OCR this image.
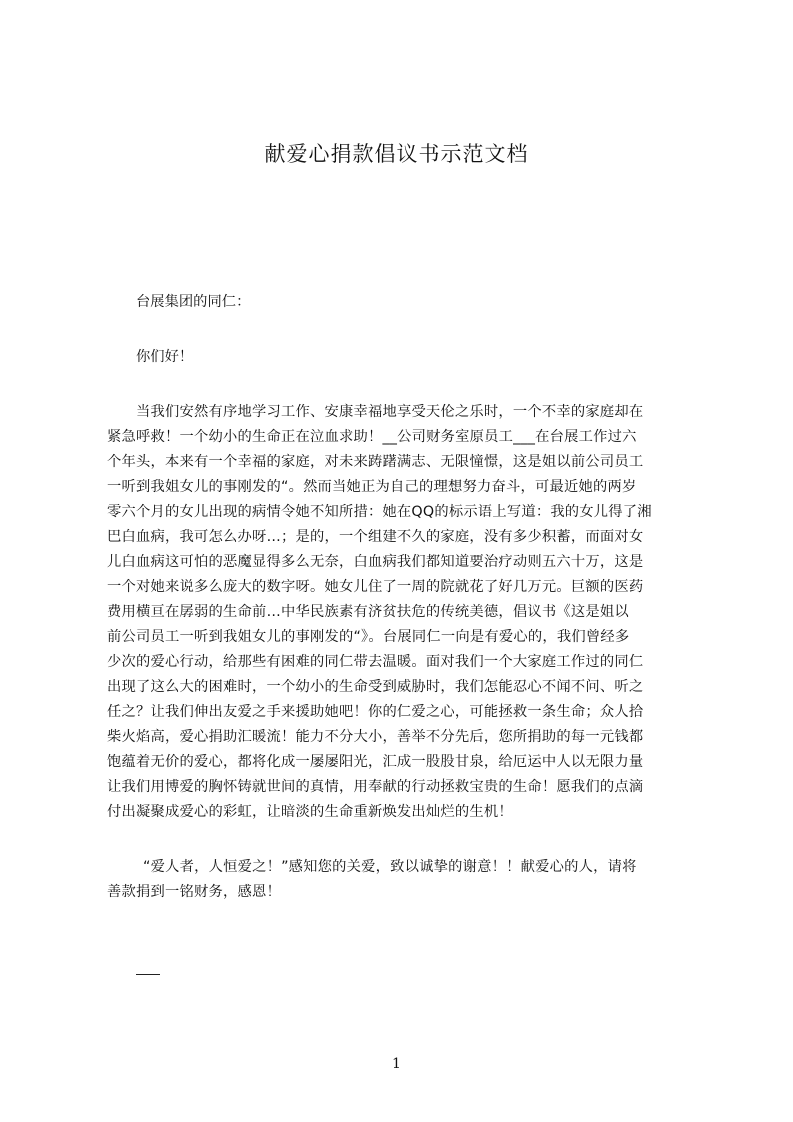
献爱心捐款倡议书示范文档
台展集团的同仁：
你们好！
当我们安然有序地学习工作、安康幸福地享受天伦之乐时，一个不幸的家庭却在
紧急呼救！一个幼小的生命正在泣血求助！__公司财务室原员工___在台展工作过六
个年头，本来有一个幸福的家庭，对未来踌躇满志、无限憧憬，这是姐以前公司员工
一听到我姐女儿的事刚发的“。然而当她正为自己的理想努力奋斗，可最近她的两岁
零六个月的女儿出现的病情令她不知所措：她在QQ的标示语上写道：我的女儿得了湘
巴白血病，我可怎么办呀…；是的，一个组建不久的家庭，没有多少积蓄，而面对女
儿白血病这可怕的恶魔显得多么无奈，白血病我们都知道要治疗动则五六十万，这是
一个对她来说多么庞大的数字呀。她女儿住了一周的院就花了好几万元。巨额的医药
费用横亘在孱弱的生命前…中华民族素有济贫扶危的传统美德，倡议书《这是姐以
前公司员工一听到我姐女儿的事刚发的“》。台展同仁一向是有爱心的，我们曾经多
少次的爱心行动，给那些有困难的同仁带去温暖。面对我们一个大家庭工作过的同仁
出现了这么大的困难时，一个幼小的生命受到威胁时，我们怎能忍心不闻不问、听之
任之？让我们伸出友爱之手来援助她吧！你的仁爱之心，可能拯救一条生命；众人拾
柴火焰高，爱心捐助汇暖流！能力不分大小，善举不分先后，您所捐助的每一元钱都
饱蕴着无价的爱心，都将化成一屡屡阳光，汇成一股股甘泉，给厄运中人以无限力量
让我们用博爱的胸怀铸就世间的真情，用奉献的行动拯救宝贵的生命！愿我们的点滴
付出凝聚成爱心的彩虹，让暗淡的生命重新焕发出灿烂的生机！
“爱人者，人恒爱之！”感知您的关爱，致以诚挚的谢意！！献爱心的人，请将
善款捐到一铭财务，感恩！
1
